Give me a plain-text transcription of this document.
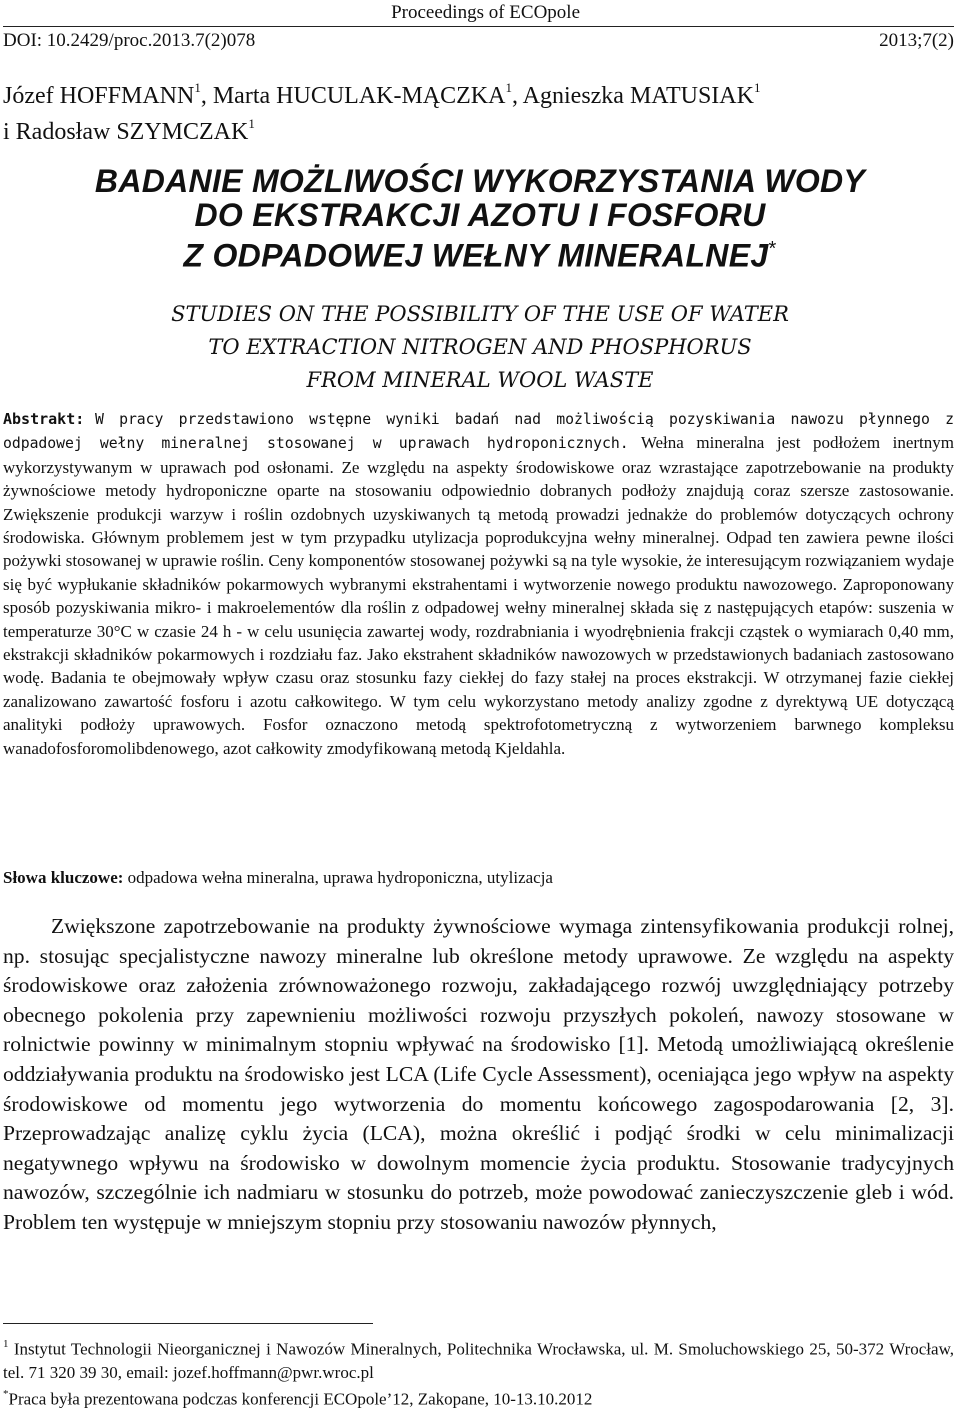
Proceedings of ECOpole
DOI: 10.2429/proc.2013.7(2)078	2013;7(2)
Józef HOFFMANN$^1$, Marta HUCULAK-MĄCZKA$^1$, Agnieszka MATUSIAK$^1$
i Radosław SZYMCZAK$^1$
BADANIE MOŻLIWOŚCI WYKORZYSTANIA WODY
DO EKSTRAKCJI AZOTU I FOSFORU
Z ODPADOWEJ WEŁNY MINERALNEJ*
STUDIES ON THE POSSIBILITY OF THE USE OF WATER
TO EXTRACTION NITROGEN AND PHOSPHORUS
FROM MINERAL WOOL WASTE
Abstrakt: W pracy przedstawiono wstępne wyniki badań nad możliwością pozyskiwania nawozu płynnego z odpadowej wełny mineralnej stosowanej w uprawach hydroponicznych. Wełna mineralna jest podłożem inertnym wykorzystywanym w uprawach pod osłonami. Ze względu na aspekty środowiskowe oraz wzrastające zapotrzebowanie na produkty żywnościowe metody hydroponiczne oparte na stosowaniu odpowiednio dobranych podłoży znajdują coraz szersze zastosowanie. Zwiększenie produkcji warzyw i roślin ozdobnych uzyskiwanych tą metodą prowadzi jednakże do problemów dotyczących ochrony środowiska. Głównym problemem jest w tym przypadku utylizacja poprodukcyjna wełny mineralnej. Odpad ten zawiera pewne ilości pożywki stosowanej w uprawie roślin. Ceny komponentów stosowanej pożywki są na tyle wysokie, że interesującym rozwiązaniem wydaje się być wypłukanie składników pokarmowych wybranymi ekstrahentami i wytworzenie nowego produktu nawozowego. Zaproponowany sposób pozyskiwania mikro- i makroelementów dla roślin z odpadowej wełny mineralnej składa się z następujących etapów: suszenia w temperaturze 30°C w czasie 24 h - w celu usunięcia zawartej wody, rozdrabniania i wyodrębnienia frakcji cząstek o wymiarach 0,40 mm, ekstrakcji składników pokarmowych i rozdziału faz. Jako ekstrahent składników nawozowych w przedstawionych badaniach zastosowano wodę. Badania te obejmowały wpływ czasu oraz stosunku fazy ciekłej do fazy stałej na proces ekstrakcji. W otrzymanej fazie ciekłej zanalizowano zawartość fosforu i azotu całkowitego. W tym celu wykorzystano metody analizy zgodne z dyrektywą UE dotyczącą analityki podłoży uprawowych. Fosfor oznaczono metodą spektrofotometryczną z wytworzeniem barwnego kompleksu wanadofosforomolibdenowego, azot całkowity zmodyfikowaną metodą Kjeldahla.
Słowa kluczowe: odpadowa wełna mineralna, uprawa hydroponiczna, utylizacja

Zwiększone zapotrzebowanie na produkty żywnościowe wymaga zintensyfikowania produkcji rolnej, np. stosując specjalistyczne nawozy mineralne lub określone metody uprawowe. Ze względu na aspekty środowiskowe oraz założenia zrównoważonego rozwoju, zakładającego rozwój uwzględniający potrzeby obecnego pokolenia przy zapewnieniu możliwości rozwoju przyszłych pokoleń, nawozy stosowane w rolnictwie powinny w minimalnym stopniu wpływać na środowisko [1]. Metodą umożliwiającą określenie oddziaływania produktu na środowisko jest LCA (Life Cycle Assessment), oceniająca jego wpływ na aspekty środowiskowe od momentu jego wytworzenia do momentu końcowego zagospodarowania [2, 3]. Przeprowadzając analizę cyklu życia (LCA), można określić i podjąć środki w celu minimalizacji negatywnego wpływu na środowisko w dowolnym momencie życia produktu. Stosowanie tradycyjnych nawozów, szczególnie ich nadmiaru w stosunku do potrzeb, może powodować zanieczyszczenie gleb i wód. Problem ten występuje w mniejszym stopniu przy stosowaniu nawozów płynnych,

$^1$ Instytut Technologii Nieorganicznej i Nawozów Mineralnych, Politechnika Wrocławska, ul. M. Smoluchowskiego 25, 50-372 Wrocław, tel. 71 320 39 30, email: jozef.hoffmann@pwr.wroc.pl
*Praca była prezentowana podczas konferencji ECOpole’12, Zakopane, 10-13.10.2012
